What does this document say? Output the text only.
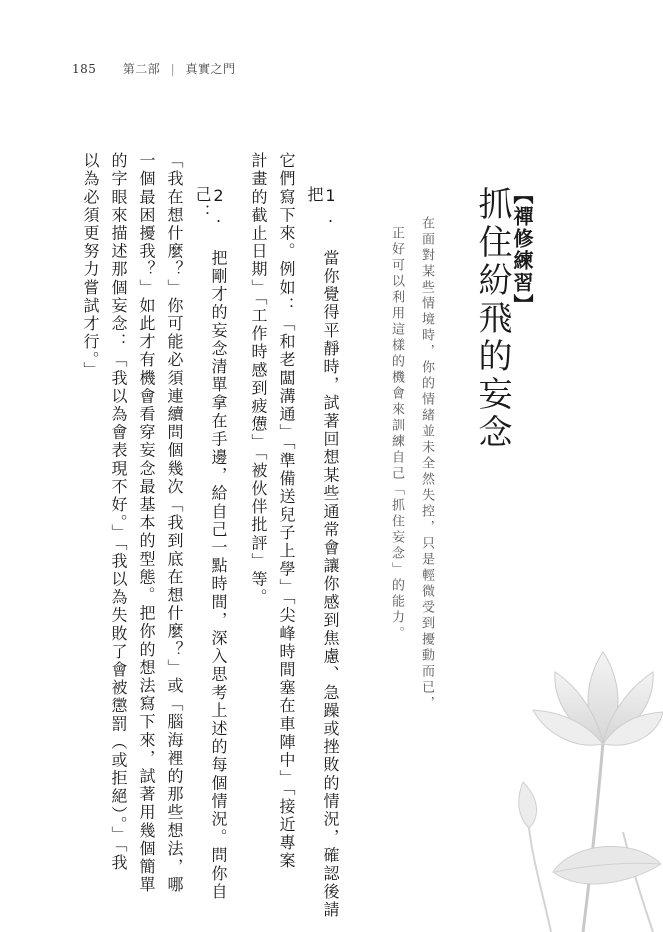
185 第二部 | 真實之門
【禪修練習】
抓住紛飛的妄念
在面對某些情境時，你的情緒並未全然失控，只是輕微受到擾動而已，
正好可以利用這樣的機會來訓練自己「抓住妄念」的能力。
1. 當你覺得平靜時，試著回想某些通常會讓你感到焦慮、急躁或挫敗的情況，確認後請把
它們寫下來。例如：「和老闆溝通」「準備送兒子上學」「尖峰時間塞在車陣中」「接近專案
計畫的截止日期」「工作時感到疲憊」「被伙伴批評」等。
2. 把剛才的妄念清單拿在手邊，給自己一點時間，深入思考上述的每個情況。問你自己：
「我在想什麼？」你可能必須連續問個幾次「我到底在想什麼？」或「腦海裡的那些想法，哪
一個最困擾我？」如此才有機會看穿妄念最基本的型態。把你的想法寫下來，試著用幾個簡單
的字眼來描述那個妄念：「我以為會表現不好。」「我以為失敗了會被懲罰（或拒絕）。」「我
以為必須更努力嘗試才行。」
